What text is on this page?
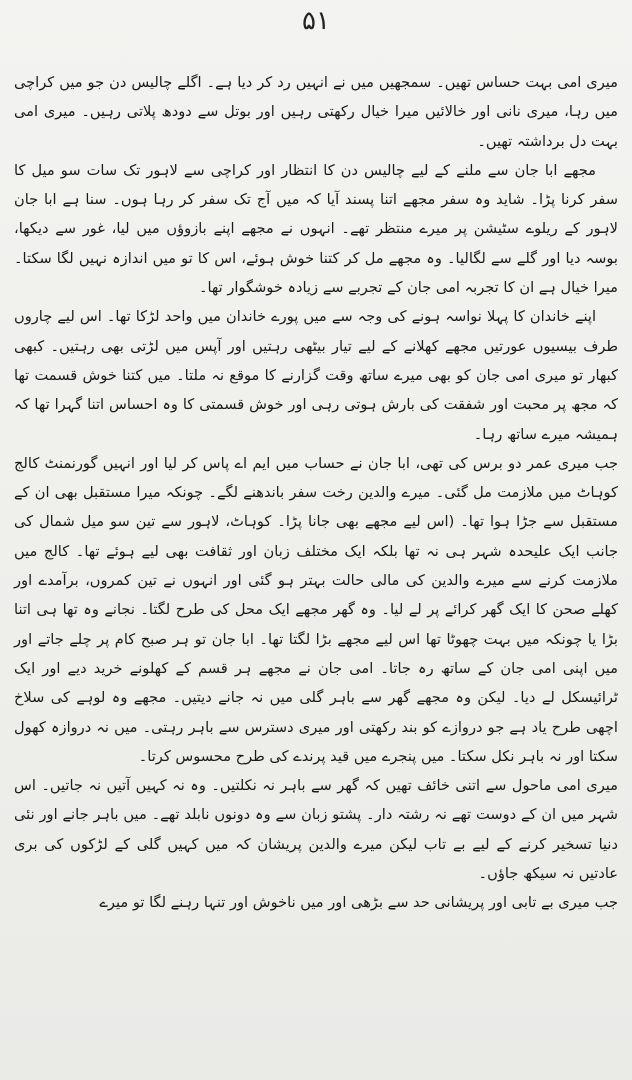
۵۱

میری امی بہت حساس تھیں۔ سمجھیں میں نے انہیں رد کر دیا ہے۔ اگلے چالیس دن جو میں کراچی میں رہا، میری نانی اور خالائیں میرا خیال رکھتی رہیں اور بوتل سے دودھ پلاتی رہیں۔ میری امی بہت دل برداشتہ تھیں۔

مجھے ابا جان سے ملنے کے لیے چالیس دن کا انتظار اور کراچی سے لاہور تک سات سو میل کا سفر کرنا پڑا۔ شاید وہ سفر مجھے اتنا پسند آیا کہ میں آج تک سفر کر رہا ہوں۔ سنا ہے ابا جان لاہور کے ریلوے سٹیشن پر میرے منتظر تھے۔ انہوں نے مجھے اپنے بازوؤں میں لیا، غور سے دیکھا، بوسہ دیا اور گلے سے لگالیا۔ وہ مجھے مل کر کتنا خوش ہوئے، اس کا تو میں اندازہ نہیں لگا سکتا۔ میرا خیال ہے ان کا تجربہ امی جان کے تجربے سے زیادہ خوشگوار تھا۔

اپنے خاندان کا پہلا نواسہ ہونے کی وجہ سے میں پورے خاندان میں واحد لڑکا تھا۔ اس لیے چاروں طرف بیسیوں عورتیں مجھے کھلانے کے لیے تیار بیٹھی رہتیں اور آپس میں لڑتی بھی رہتیں۔ کبھی کبھار تو میری امی جان کو بھی میرے ساتھ وقت گزارنے کا موقع نہ ملتا۔ میں کتنا خوش قسمت تھا کہ مجھ پر محبت اور شفقت کی بارش ہوتی رہی اور خوش قسمتی کا وہ احساس اتنا گہرا تھا کہ ہمیشہ میرے ساتھ رہا۔

جب میری عمر دو برس کی تھی، ابا جان نے حساب میں ایم اے پاس کر لیا اور انہیں گورنمنٹ کالج کوہاٹ میں ملازمت مل گئی۔ میرے والدین رخت سفر باندھنے لگے۔ چونکہ میرا مستقبل بھی ان کے مستقبل سے جڑا ہوا تھا۔ (اس لیے مجھے بھی جانا پڑا۔ کوہاٹ، لاہور سے تین سو میل شمال کی جانب ایک علیحدہ شہر ہی نہ تھا بلکہ ایک مختلف زبان اور ثقافت بھی لیے ہوئے تھا۔ کالج میں ملازمت کرنے سے میرے والدین کی مالی حالت بہتر ہو گئی اور انہوں نے تین کمروں، برآمدے اور کھلے صحن کا ایک گھر کرائے پر لے لیا۔ وہ گھر مجھے ایک محل کی طرح لگتا۔ نجانے وہ تھا ہی اتنا بڑا یا چونکہ میں بہت چھوٹا تھا اس لیے مجھے بڑا لگتا تھا۔ ابا جان تو ہر صبح کام پر چلے جاتے اور میں اپنی امی جان کے ساتھ رہ جاتا۔ امی جان نے مجھے ہر قسم کے کھلونے خرید دیے اور ایک ٹرائیسکل لے دیا۔ لیکن وہ مجھے گھر سے باہر گلی میں نہ جانے دیتیں۔ مجھے وہ لوہے کی سلاخ اچھی طرح یاد ہے جو دروازے کو بند رکھتی اور میری دسترس سے باہر رہتی۔ میں نہ دروازہ کھول سکتا اور نہ باہر نکل سکتا۔ میں پنجرے میں قید پرندے کی طرح محسوس کرتا۔

میری امی ماحول سے اتنی خائف تھیں کہ گھر سے باہر نہ نکلتیں۔ وہ نہ کہیں آتیں نہ جاتیں۔ اس شہر میں ان کے دوست تھے نہ رشتہ دار۔ پشتو زبان سے وہ دونوں نابلد تھے۔ میں باہر جانے اور نئی دنیا تسخیر کرنے کے لیے بے تاب لیکن میرے والدین پریشان کہ میں کہیں گلی کے لڑکوں کی بری عادتیں نہ سیکھ جاؤں۔

جب میری بے تابی اور پریشانی حد سے بڑھی اور میں ناخوش اور تنہا رہنے لگا تو میرے
